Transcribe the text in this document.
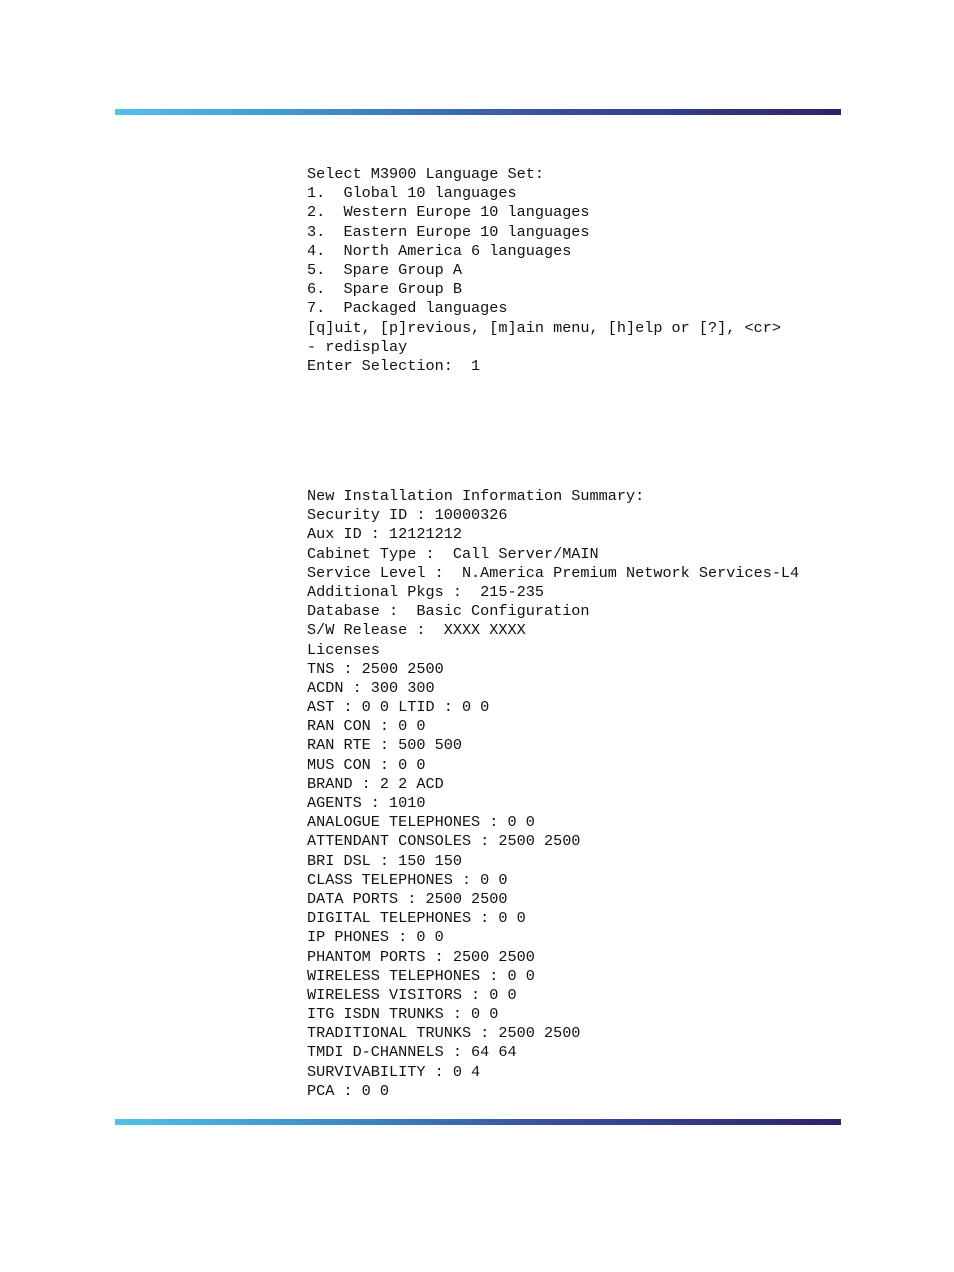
Select M3900 Language Set:
1.  Global 10 languages
2.  Western Europe 10 languages
3.  Eastern Europe 10 languages
4.  North America 6 languages
5.  Spare Group A
6.  Spare Group B
7.  Packaged languages
[q]uit, [p]revious, [m]ain menu, [h]elp or [?], <cr>
- redisplay
Enter Selection:  1
New Installation Information Summary:
Security ID : 10000326
Aux ID : 12121212
Cabinet Type :  Call Server/MAIN
Service Level :  N.America Premium Network Services-L4
Additional Pkgs :  215-235
Database :  Basic Configuration
S/W Release :  XXXX XXXX
Licenses
TNS : 2500 2500
ACDN : 300 300
AST : 0 0 LTID : 0 0
RAN CON : 0 0
RAN RTE : 500 500
MUS CON : 0 0
BRAND : 2 2 ACD
AGENTS : 1010
ANALOGUE TELEPHONES : 0 0
ATTENDANT CONSOLES : 2500 2500
BRI DSL : 150 150
CLASS TELEPHONES : 0 0
DATA PORTS : 2500 2500
DIGITAL TELEPHONES : 0 0
IP PHONES : 0 0
PHANTOM PORTS : 2500 2500
WIRELESS TELEPHONES : 0 0
WIRELESS VISITORS : 0 0
ITG ISDN TRUNKS : 0 0
TRADITIONAL TRUNKS : 2500 2500
TMDI D-CHANNELS : 64 64
SURVIVABILITY : 0 4
PCA : 0 0
